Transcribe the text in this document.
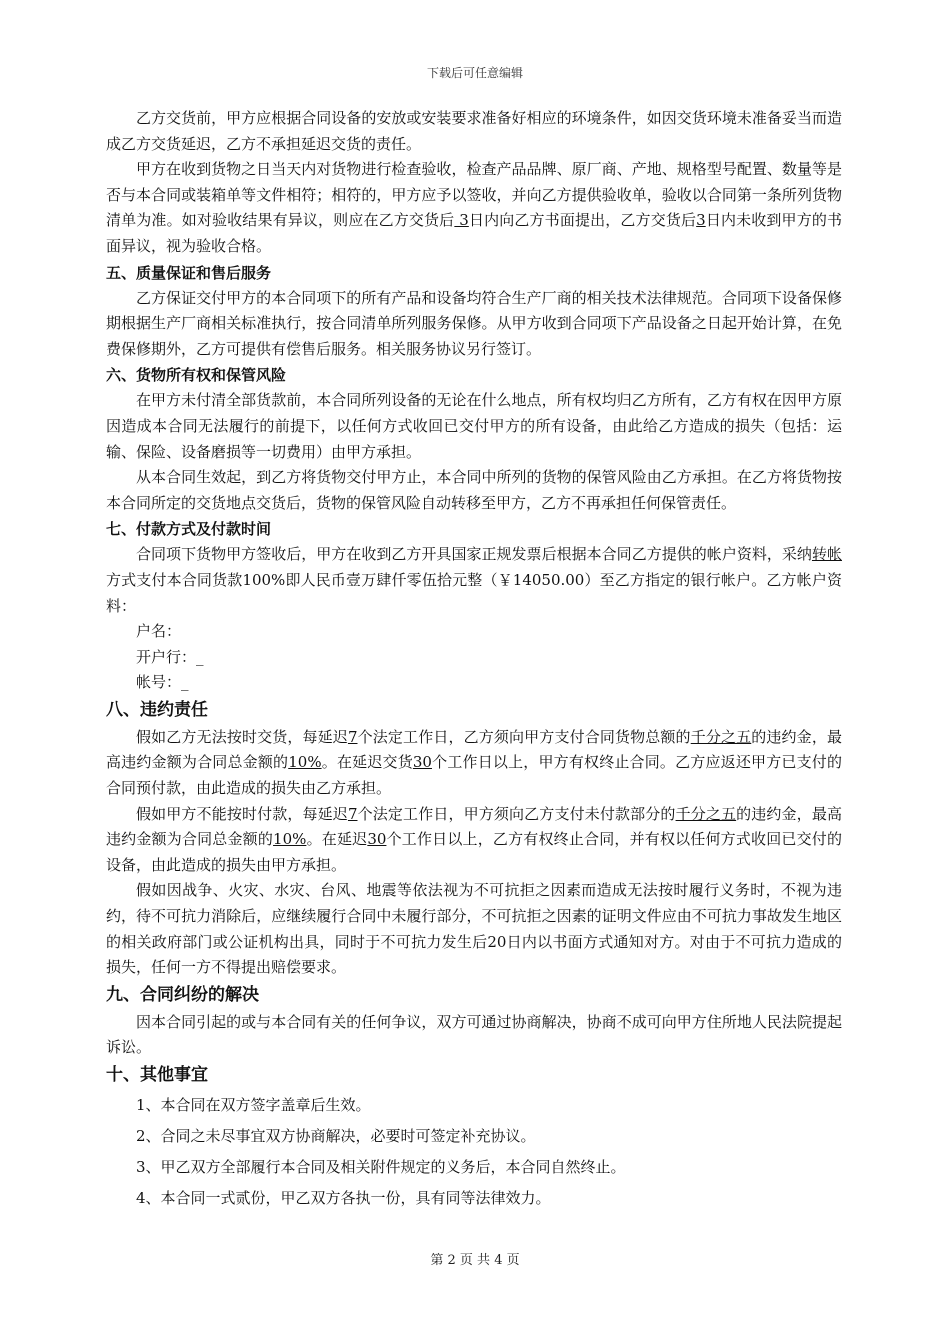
下载后可任意编辑

乙方交货前，甲方应根据合同设备的安放或安装要求准备好相应的环境条件，如因交货环境未准备妥当而造成乙方交货延迟，乙方不承担延迟交货的责任。

甲方在收到货物之日当天内对货物进行检查验收，检查产品品牌、原厂商、产地、规格型号配置、数量等是否与本合同或装箱单等文件相符；相符的，甲方应予以签收，并向乙方提供验收单，验收以合同第一条所列货物清单为准。如对验收结果有异议，则应在乙方交货后 3日内向乙方书面提出，乙方交货后3日内未收到甲方的书面异议，视为验收合格。

五、质量保证和售后服务

乙方保证交付甲方的本合同项下的所有产品和设备均符合生产厂商的相关技术法律规范。合同项下设备保修期根据生产厂商相关标准执行，按合同清单所列服务保修。从甲方收到合同项下产品设备之日起开始计算，在免费保修期外，乙方可提供有偿售后服务。相关服务协议另行签订。

六、货物所有权和保管风险

在甲方未付清全部货款前，本合同所列设备的无论在什么地点，所有权均归乙方所有，乙方有权在因甲方原因造成本合同无法履行的前提下，以任何方式收回已交付甲方的所有设备，由此给乙方造成的损失（包括：运输、保险、设备磨损等一切费用）由甲方承担。

从本合同生效起，到乙方将货物交付甲方止，本合同中所列的货物的保管风险由乙方承担。在乙方将货物按本合同所定的交货地点交货后，货物的保管风险自动转移至甲方，乙方不再承担任何保管责任。

七、付款方式及付款时间

合同项下货物甲方签收后，甲方在收到乙方开具国家正规发票后根据本合同乙方提供的帐户资料，采纳转帐方式支付本合同货款100%即人民币壹万肆仟零伍拾元整（￥14050.00）至乙方指定的银行帐户。乙方帐户资料：

户名：
开户行：_
帐号：_
八、违约责任

假如乙方无法按时交货，每延迟7个法定工作日，乙方须向甲方支付合同货物总额的千分之五的违约金，最高违约金额为合同总金额的10%。在延迟交货30个工作日以上，甲方有权终止合同。乙方应返还甲方已支付的合同预付款，由此造成的损失由乙方承担。

假如甲方不能按时付款，每延迟7个法定工作日，甲方须向乙方支付未付款部分的千分之五的违约金，最高违约金额为合同总金额的10%。在延迟30个工作日以上，乙方有权终止合同，并有权以任何方式收回已交付的设备，由此造成的损失由甲方承担。

假如因战争、火灾、水灾、台风、地震等依法视为不可抗拒之因素而造成无法按时履行义务时，不视为违约，待不可抗力消除后，应继续履行合同中未履行部分，不可抗拒之因素的证明文件应由不可抗力事故发生地区的相关政府部门或公证机构出具，同时于不可抗力发生后20日内以书面方式通知对方。对由于不可抗力造成的损失，任何一方不得提出赔偿要求。

九、合同纠纷的解决

因本合同引起的或与本合同有关的任何争议，双方可通过协商解决，协商不成可向甲方住所地人民法院提起诉讼。

十、其他事宜
1、本合同在双方签字盖章后生效。
2、合同之未尽事宜双方协商解决，必要时可签定补充协议。
3、甲乙双方全部履行本合同及相关附件规定的义务后，本合同自然终止。
4、本合同一式贰份，甲乙双方各执一份，具有同等法律效力。
第 2 页 共 4 页
